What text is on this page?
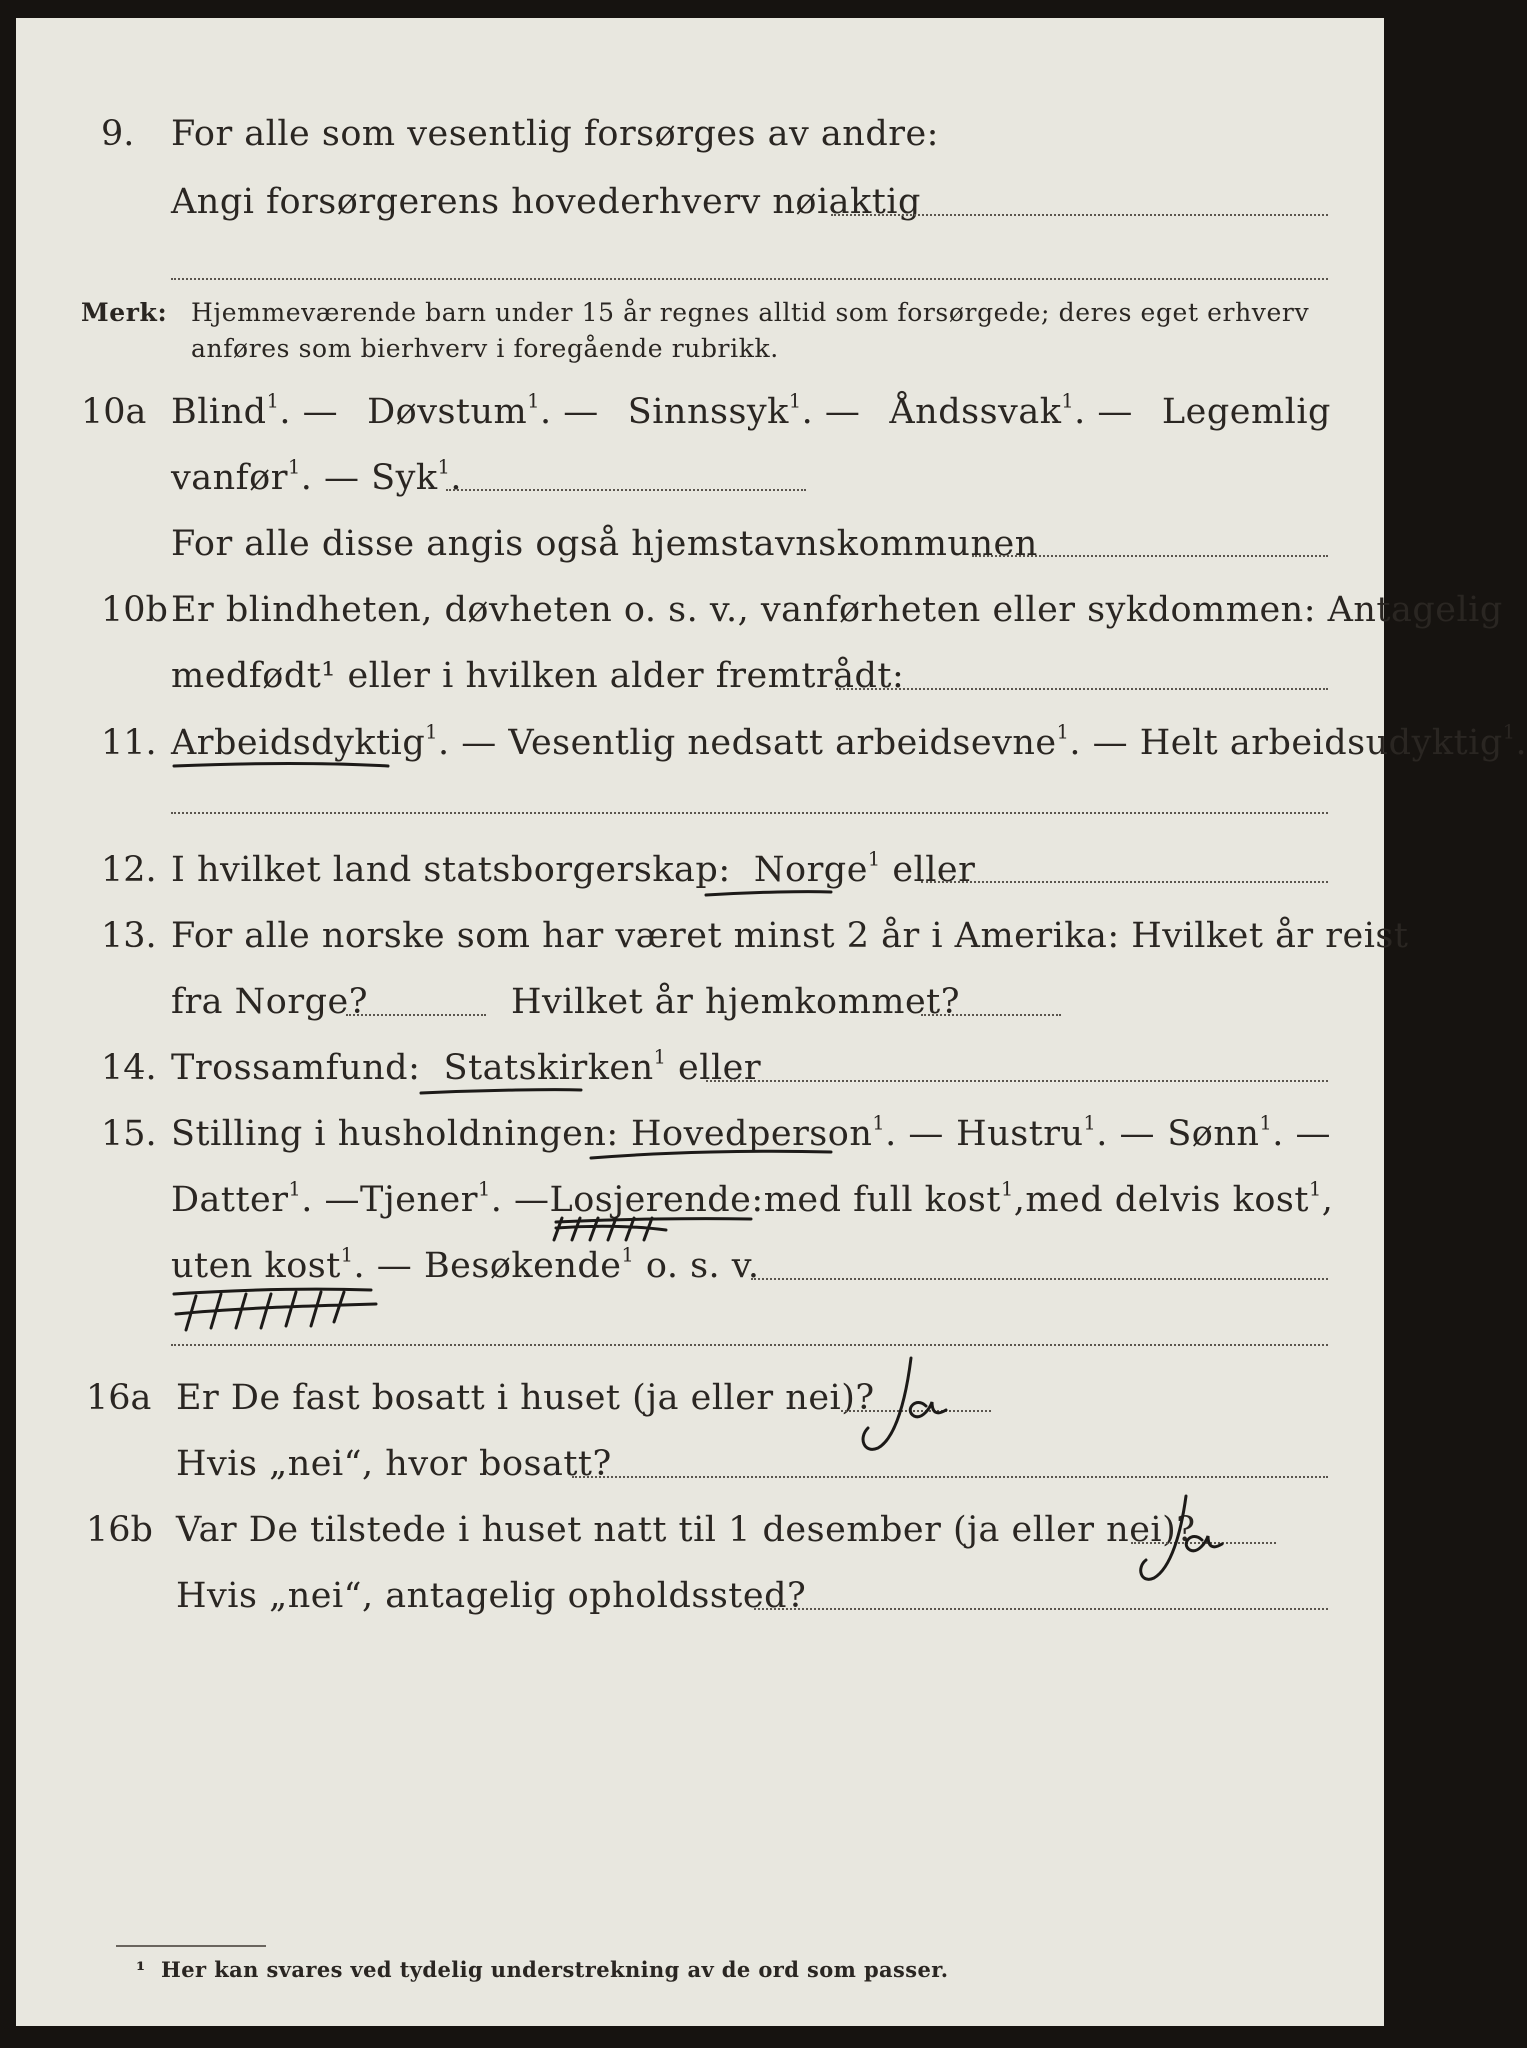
9. For alle som vesentlig forsørges av andre:
Angi forsørgerens hovederhverv nøiaktig
Merk: Hjemmeværende barn under 15 år regnes alltid som forsørgede; deres eget erhverv
anføres som bierhverv i foregående rubrikk.
10a Blind$^1$. — Døvstum$^1$. — Sinnssyk$^1$. — Åndssvak$^1$. — Legemlig
vanfør$^1$. — Syk$^1$.
For alle disse angis også hjemstavnskommunen
10b Er blindheten, døvheten o. s. v., vanførheten eller sykdommen: Antagelig
medfødt¹ eller i hvilken alder fremtrådt:
11. Arbeidsdyktig$^1$. — Vesentlig nedsatt arbeidsevne$^1$. — Helt arbeidsudyktig$^1$.
12. I hvilket land statsborgerskap: Norge$^1$ eller
13. For alle norske som har været minst 2 år i Amerika: Hvilket år reist
fra Norge?	Hvilket år hjemkommet?
14. Trossamfund: Statskirken$^1$ eller
15. Stilling i husholdningen: Hovedperson$^1$. — Hustru$^1$. — Sønn$^1$. —
Datter$^1$. — Tjener$^1$. — Losjerende: med full kost$^1$, med delvis kost$^1$,
uten kost$^1$. — Besøkende$^1$ o. s. v.
16a Er De fast bosatt i huset (ja eller nei)?
Hvis „nei“, hvor bosatt?
16b Var De tilstede i huset natt til 1 desember (ja eller nei)?
Hvis „nei“, antagelig opholdssted?
¹ Her kan svares ved tydelig understrekning av de ord som passer.
